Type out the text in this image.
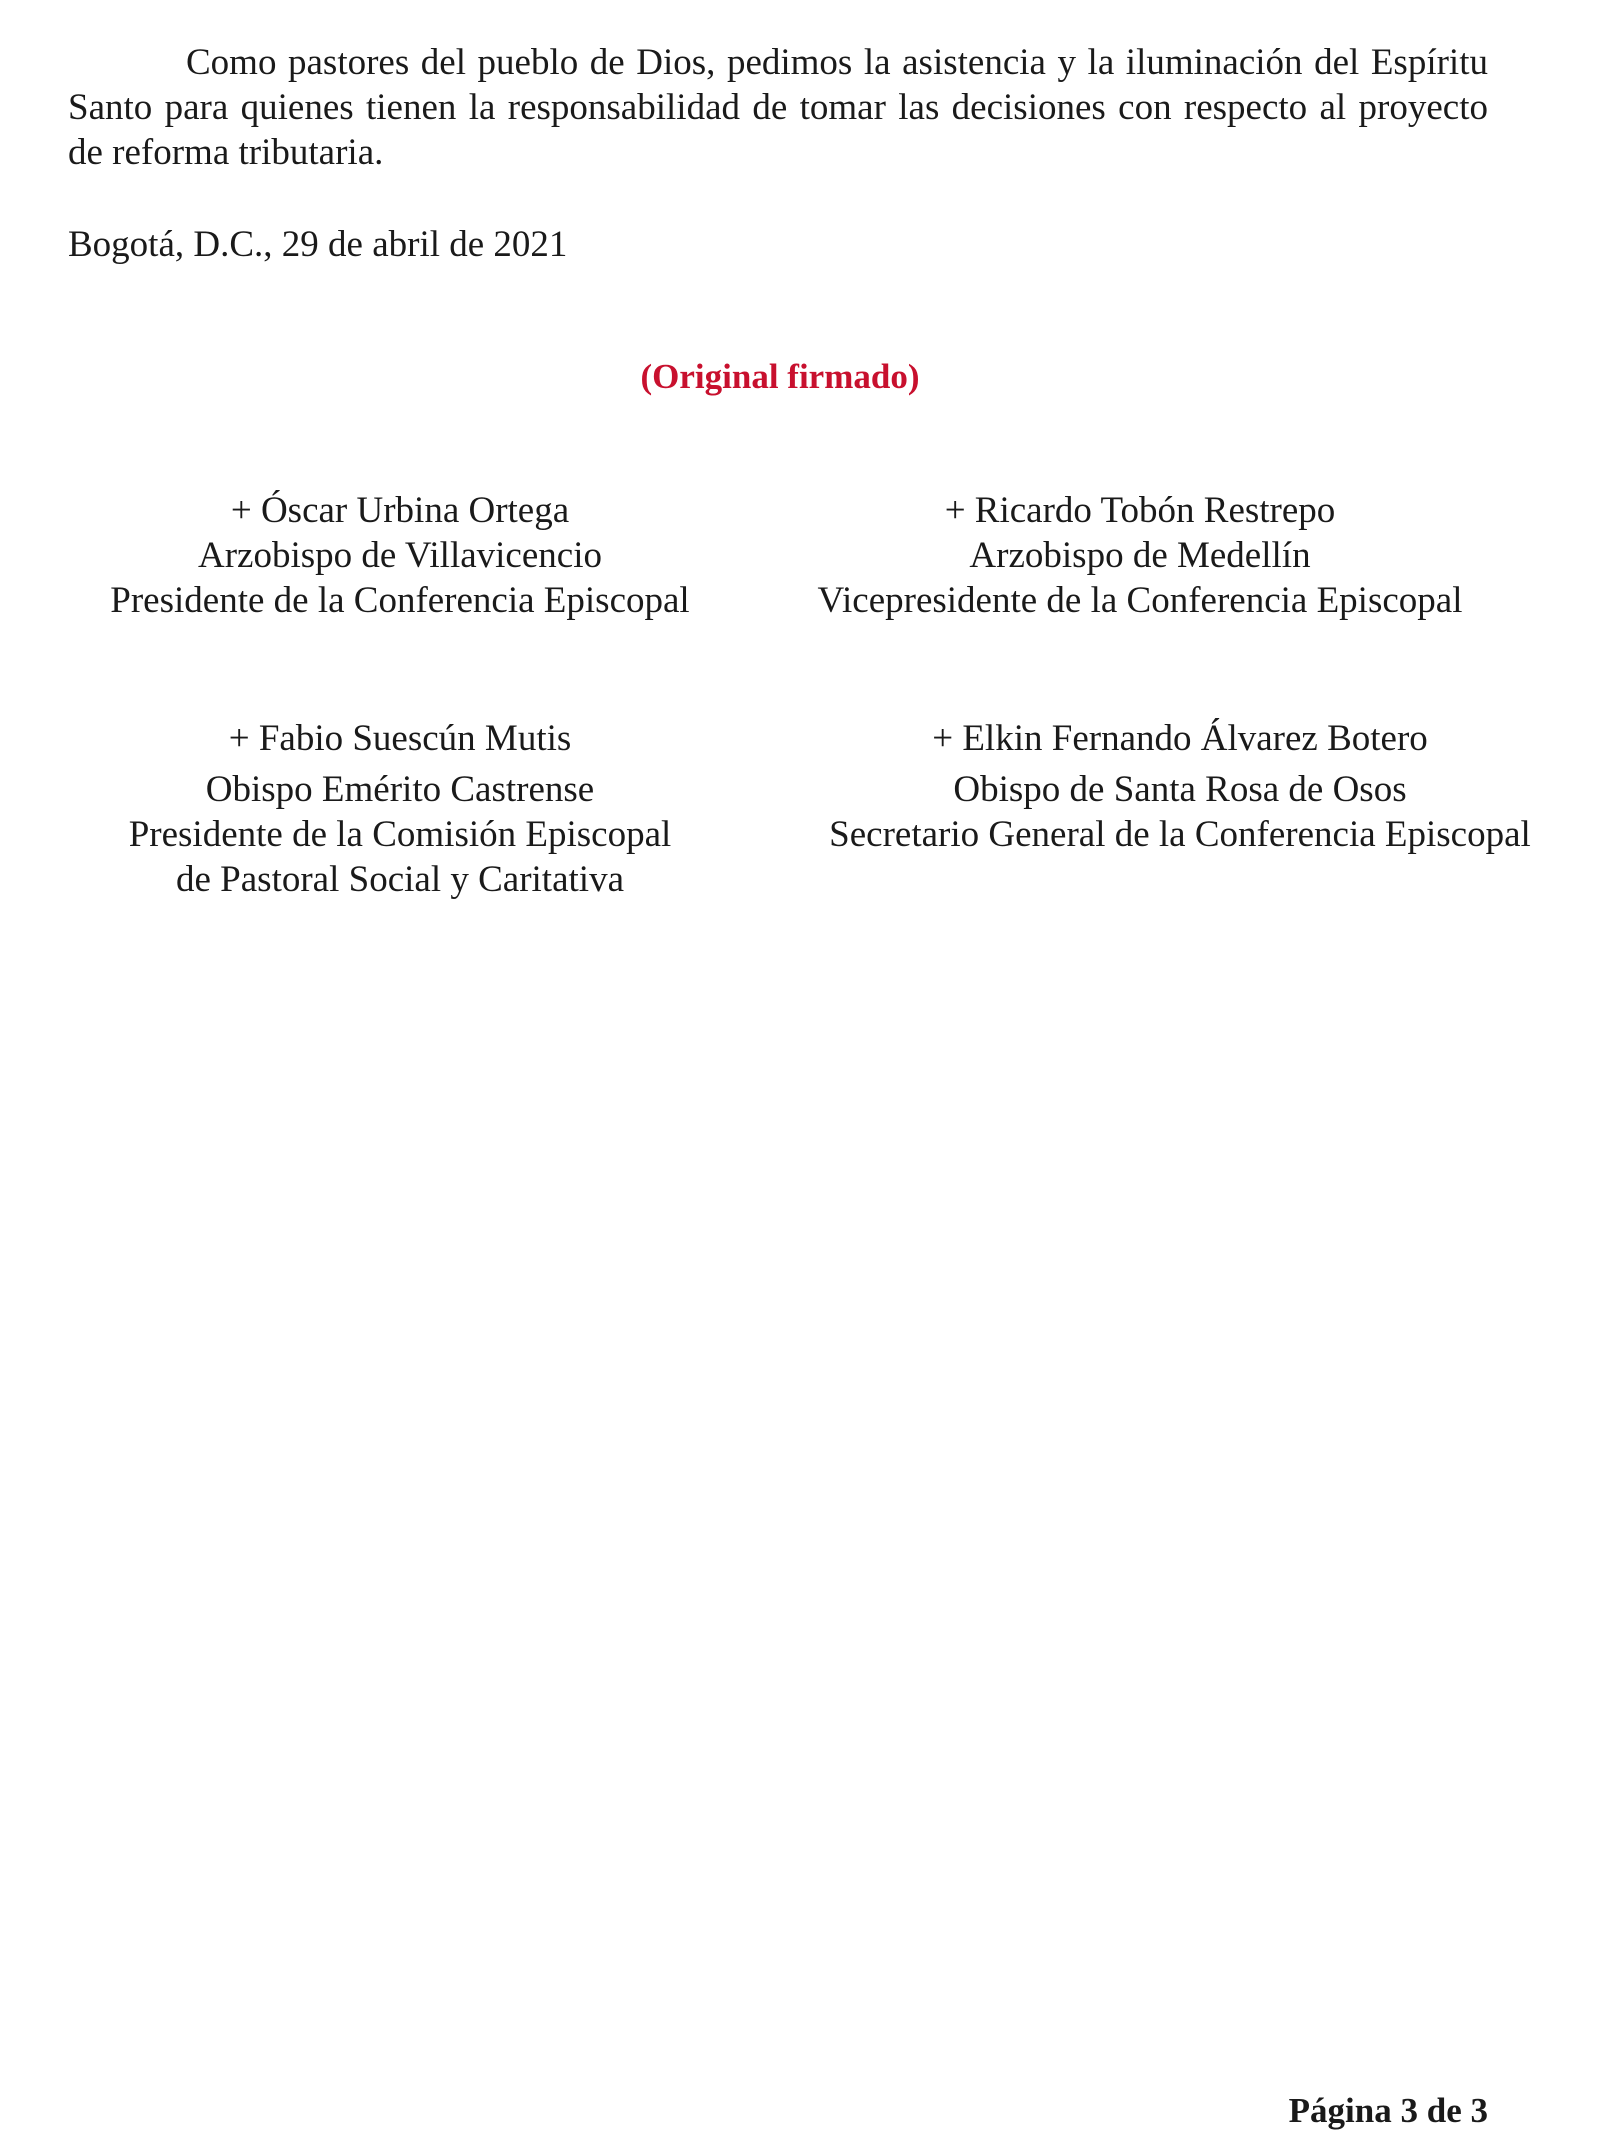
Como pastores del pueblo de Dios, pedimos la asistencia y la iluminación del Espíritu Santo para quienes tienen la responsabilidad de tomar las decisiones con respecto al proyecto de reforma tributaria.

Bogotá, D.C., 29 de abril de 2021

(Original firmado)

+ Óscar Urbina Ortega
Arzobispo de Villavicencio
Presidente de la Conferencia Episcopal
+ Ricardo Tobón Restrepo
Arzobispo de Medellín
Vicepresidente de la Conferencia Episcopal
+ Fabio Suescún Mutis
Obispo Emérito Castrense
Presidente de la Comisión Episcopal
de Pastoral Social y Caritativa
+ Elkin Fernando Álvarez Botero
Obispo de Santa Rosa de Osos
Secretario General de la Conferencia Episcopal

Página 3 de 3
